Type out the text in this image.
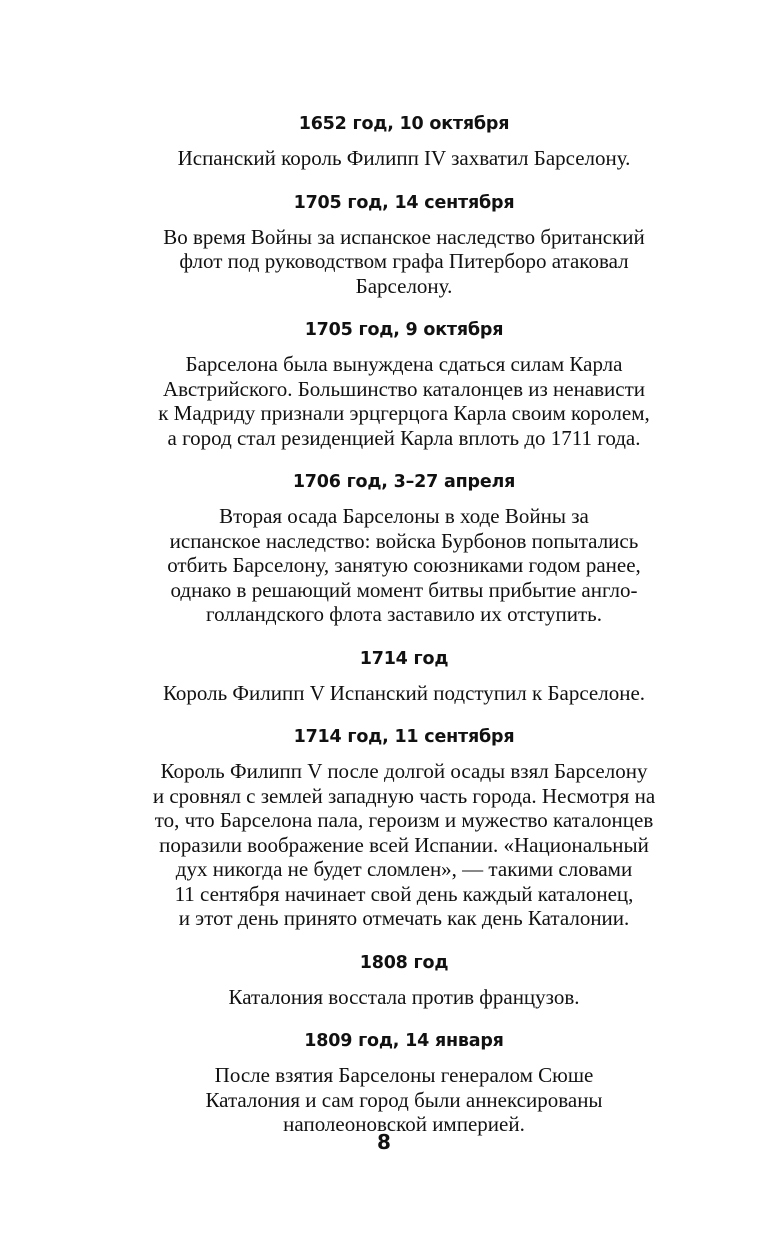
1652 год, 10 октября

Испанский король Филипп IV захватил Барселону.

1705 год, 14 сентября

Во время Войны за испанское наследство британский
флот под руководством графа Питерборо атаковал
Барселону.

1705 год, 9 октября

Барселона была вынуждена сдаться силам Карла
Австрийского. Большинство каталонцев из ненависти
к Мадриду признали эрцгерцога Карла своим королем,
а город стал резиденцией Карла вплоть до 1711 года.

1706 год, 3–27 апреля

Вторая осада Барселоны в ходе Войны за
испанское наследство: войска Бурбонов попытались
отбить Барселону, занятую союзниками годом ранее,
однако в решающий момент битвы прибытие англо-
голландского флота заставило их отступить.

1714 год

Король Филипп V Испанский подступил к Барселоне.

1714 год, 11 сентября

Король Филипп V после долгой осады взял Барселону
и сровнял с землей западную часть города. Несмотря на
то, что Барселона пала, героизм и мужество каталонцев
поразили воображение всей Испании. «Национальный
дух никогда не будет сломлен», — такими словами
11 сентября начинает свой день каждый каталонец,
и этот день принято отмечать как день Каталонии.

1808 год

Каталония восстала против французов.

1809 год, 14 января

После взятия Барселоны генералом Сюше
Каталония и сам город были аннексированы
наполеоновской империей.

8
